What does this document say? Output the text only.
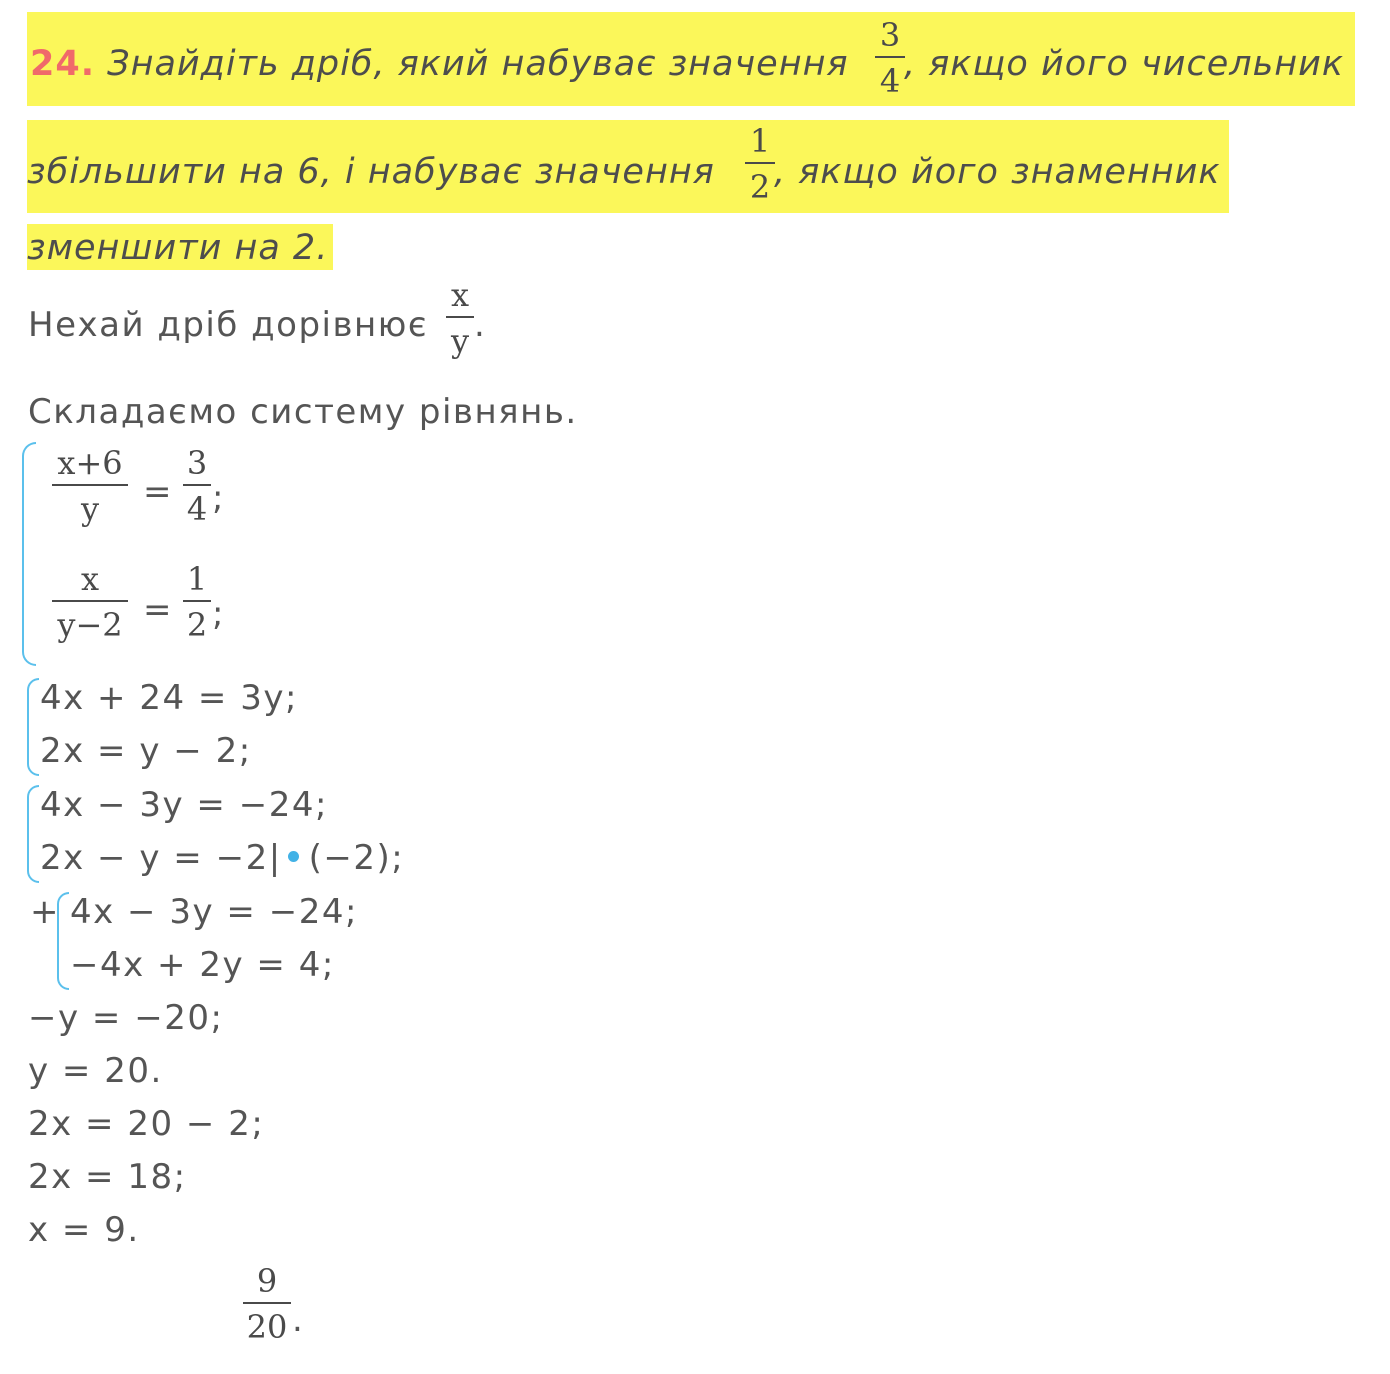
24. Знайдіть дріб, який набуває значення
3
4 , якщо його чисельник
збільшити на 6, і набуває значення
1
2 , якщо його знаменник
зменшити на 2.
Нехай дріб дорівнює
x
y .
Складаємо систему рівнянь.
x+6
y	=
3
4 ;
x
y−2 =
1
2 ;
4x + 24 = 3y;
2x = y − 2;
4x − 3y = −24;
2x − y = −2| (−2);
+ 4x − 3y = −24;
−4x + 2y = 4;
−y = −20;
y = 20.
2x = 20 − 2;
2x = 18;
x = 9.
9
20 .
